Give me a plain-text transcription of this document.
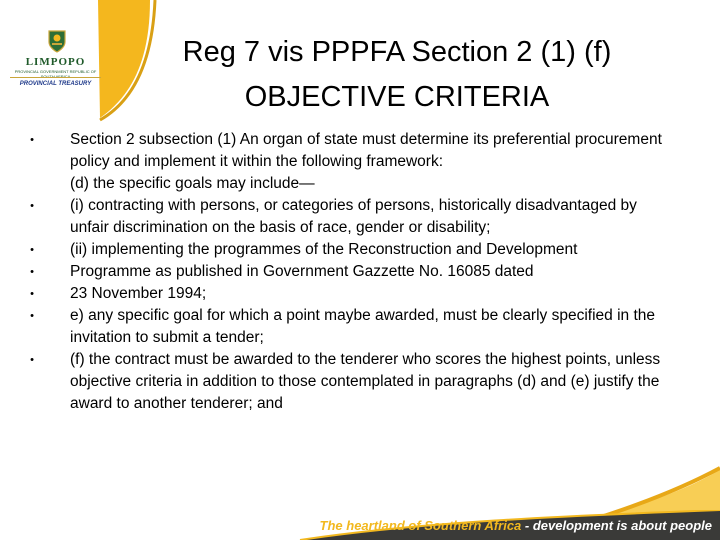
LIMPOPO
PROVINCIAL GOVERNMENT REPUBLIC OF
PROVINCIAL TREASURY
Reg 7 vis PPPFA Section 2 (1) (f)
OBJECTIVE CRITERIA
• Section 2 subsection (1) An organ of state must determine its preferential procurement policy and implement it within the following framework:
(d) the specific goals may include—
• (i) contracting with persons, or categories of persons, historically disadvantaged by unfair discrimination on the basis of race, gender or disability;
• (ii) implementing the programmes of the Reconstruction and Development
• Programme as published in Government Gazzette No. 16085 dated
• 23 November 1994;
• e) any specific goal for which a point maybe awarded, must be clearly specified in the invitation to submit a tender;
• (f) the contract must be awarded to the tenderer who scores the highest points, unless objective criteria in addition to those contemplated in paragraphs (d) and (e) justify the award to another tenderer; and
The heartland of Southern Africa - development is about people
